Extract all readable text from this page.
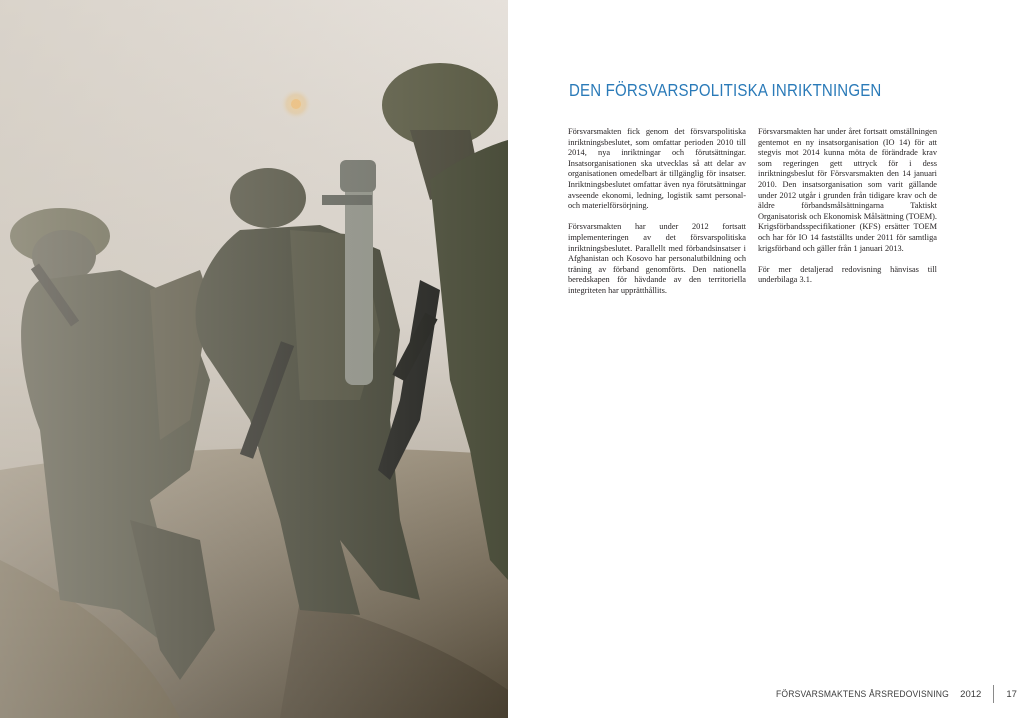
DEN FÖRSVARSPOLITISKA INRIKTNINGEN

Försvarsmakten fick genom det försvarspolitiska inriktningsbeslutet, som omfattar perioden 2010 till 2014, nya inriktningar och förutsättningar. Insatsorganisationen ska utvecklas så att delar av organisationen omedelbart är tillgänglig för insatser. Inriktningsbeslutet omfattar även nya förutsättningar avseende ekonomi, ledning, logistik samt personal- och materielförsörjning.

Försvarsmakten har under 2012 fortsatt implementeringen av det försvarspolitiska inriktningsbeslutet. Parallellt med förbandsinsatser i Afghanistan och Kosovo har personalutbildning och träning av förband genomförts. Den nationella beredskapen för hävdande av den territoriella integriteten har upprätthållits.

Försvarsmakten har under året fortsatt omställningen gentemot en ny insatsorganisation (IO 14) för att stegvis mot 2014 kunna möta de förändrade krav som regeringen gett uttryck för i dess inriktningsbeslut för Försvarsmakten den 14 januari 2010. Den insatsorganisation som varit gällande under 2012 utgår i grunden från tidigare krav och de äldre förbandsmålsättningarna Taktiskt Organisatorisk och Ekonomisk Målsättning (TOEM). Krigsförbandsspecifikationer (KFS) ersätter TOEM och har för IO 14 fastställts under 2011 för samtliga krigsförband och gäller från 1 januari 2013.

För mer detaljerad redovisning hänvisas till underbilaga 3.1.

FÖRSVARSMAKTENS ÅRSREDOVISNING 2012	17
